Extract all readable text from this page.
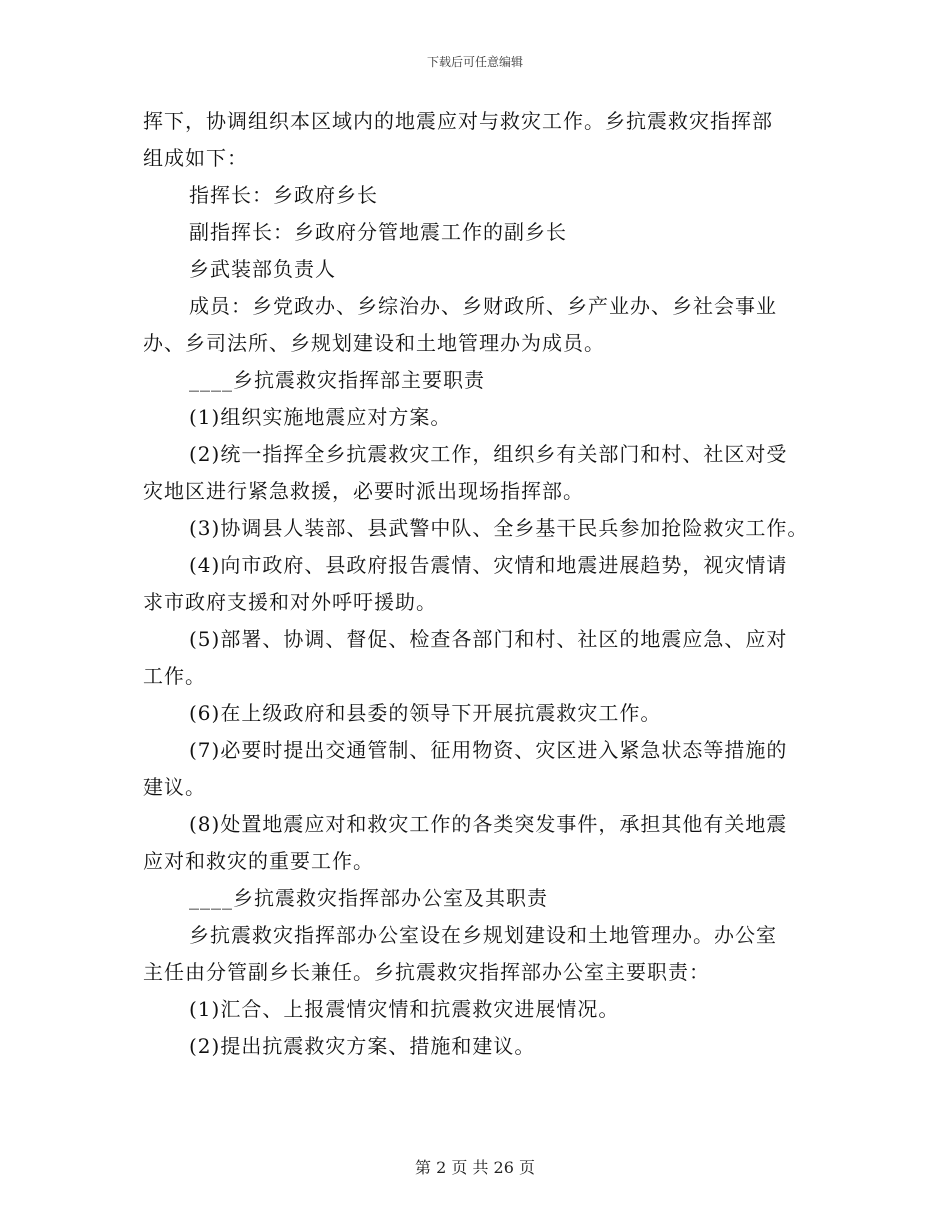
下载后可任意编辑
挥下，协调组织本区域内的地震应对与救灾工作。乡抗震救灾指挥部
组成如下：
指挥长：乡政府乡长
副指挥长：乡政府分管地震工作的副乡长
乡武装部负责人
成员：乡党政办、乡综治办、乡财政所、乡产业办、乡社会事业
办、乡司法所、乡规划建设和土地管理办为成员。
____乡抗震救灾指挥部主要职责
(1)组织实施地震应对方案。
(2)统一指挥全乡抗震救灾工作，组织乡有关部门和村、社区对受
灾地区进行紧急救援，必要时派出现场指挥部。
(3)协调县人装部、县武警中队、全乡基干民兵参加抢险救灾工作。
(4)向市政府、县政府报告震情、灾情和地震进展趋势，视灾情请
求市政府支援和对外呼吁援助。
(5)部署、协调、督促、检查各部门和村、社区的地震应急、应对
工作。
(6)在上级政府和县委的领导下开展抗震救灾工作。
(7)必要时提出交通管制、征用物资、灾区进入紧急状态等措施的
建议。
(8)处置地震应对和救灾工作的各类突发事件，承担其他有关地震
应对和救灾的重要工作。
____乡抗震救灾指挥部办公室及其职责
乡抗震救灾指挥部办公室设在乡规划建设和土地管理办。办公室
主任由分管副乡长兼任。乡抗震救灾指挥部办公室主要职责：
(1)汇合、上报震情灾情和抗震救灾进展情况。
(2)提出抗震救灾方案、措施和建议。
第 2 页 共 26 页
